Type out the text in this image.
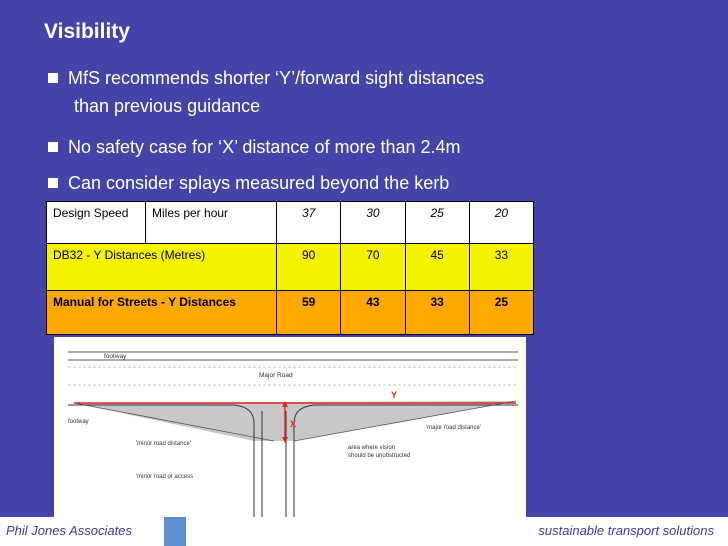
Visibility
MfS recommends shorter ‘Y’/forward sight distances
than previous guidance
No safety case for ‘X’ distance of more than 2.4m
Can consider splays measured beyond the kerb
Design Speed	Miles per hour	37	30	25	20
DB32 - Y Distances (Metres)		90	70	45	33
Manual for Streets - Y Distances		59	43	33	25
footway
Major Road
Y
footway	X	'major road distance'
'minor road distance'
area where vision
should be unobstructed
'minor road or access
Phil Jones Associates	sustainable transport solutions
